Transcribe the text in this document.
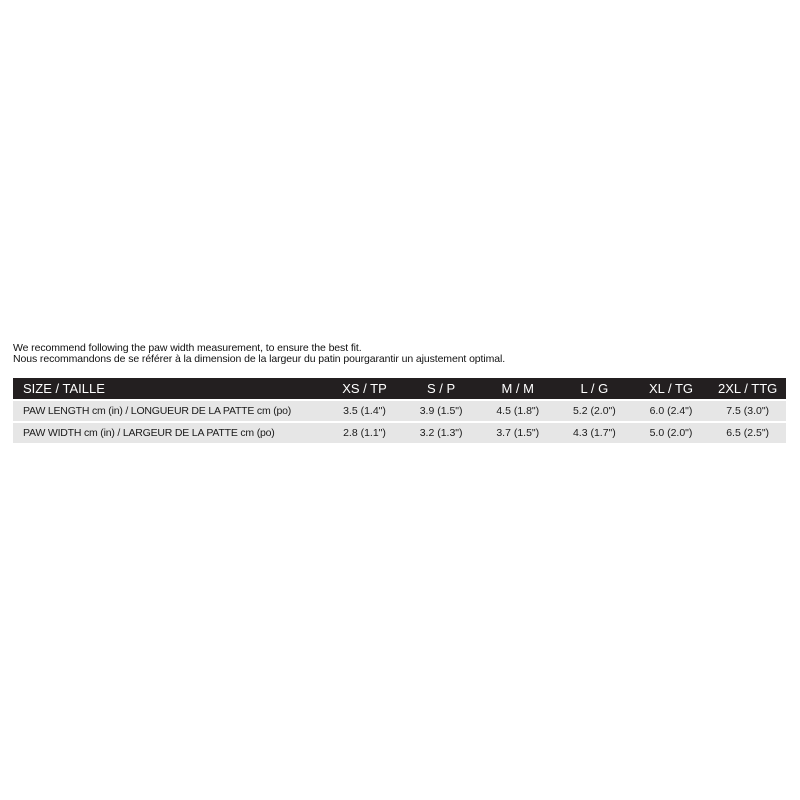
We recommend following the paw width measurement, to ensure the best fit.
Nous recommandons de se référer à la dimension de la largeur du patin pourgarantir un ajustement optimal.
SIZE / TAILLE	XS / TP	S / P	M / M	L / G	XL / TG	2XL / TTG
PAW LENGTH cm (in) / LONGUEUR DE LA PATTE cm (po)	3.5 (1.4")	3.9 (1.5")	4.5 (1.8")	5.2 (2.0")	6.0 (2.4")	7.5 (3.0")
PAW WIDTH cm (in) / LARGEUR DE LA PATTE cm (po)	2.8 (1.1")	3.2 (1.3")	3.7 (1.5")	4.3 (1.7")	5.0 (2.0")	6.5 (2.5")
